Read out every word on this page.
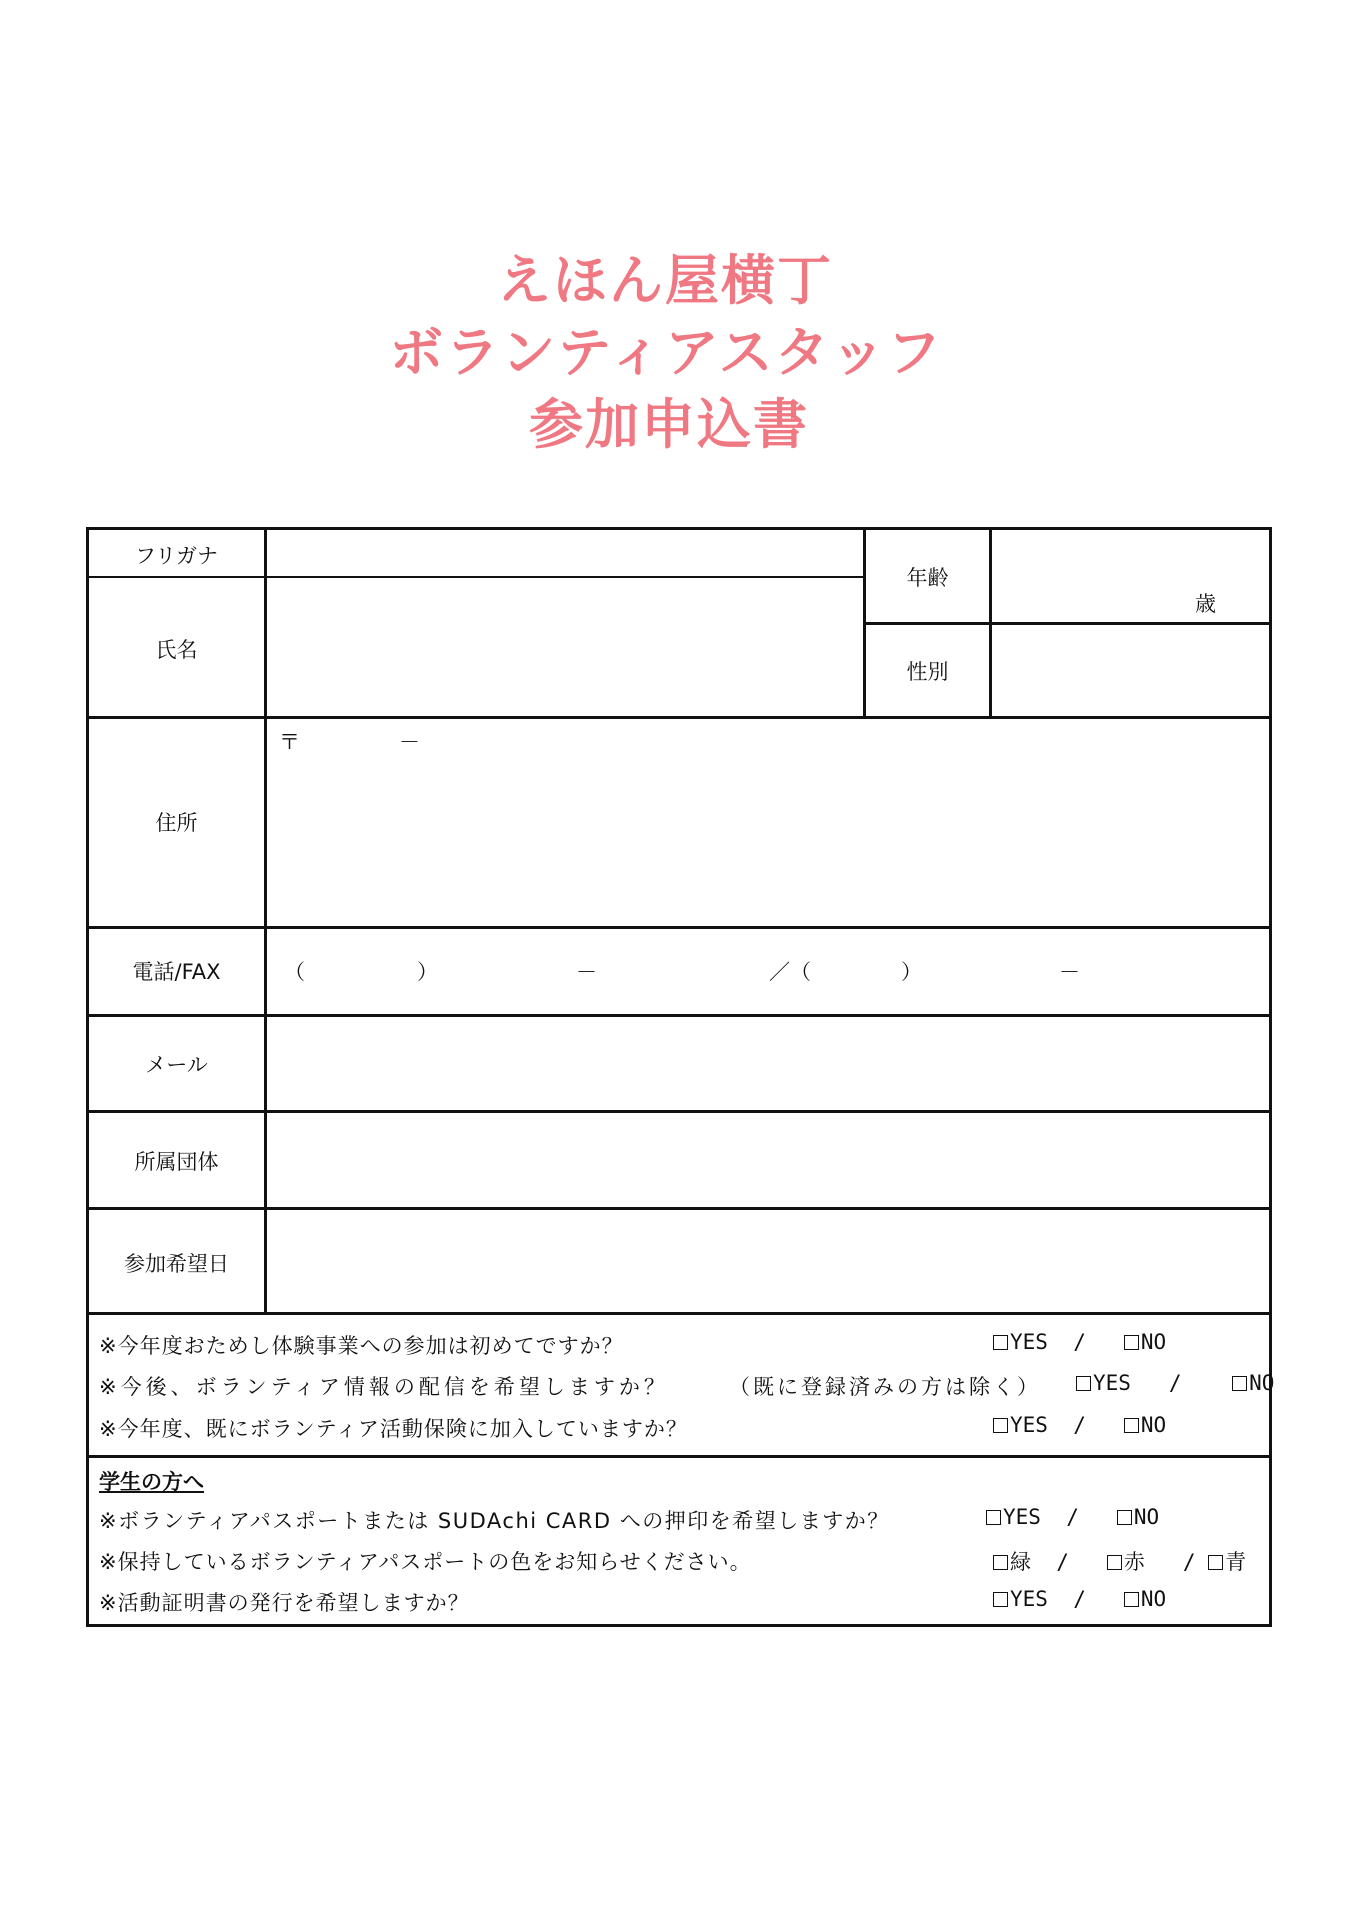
えほん屋横丁
ボランティアスタッフ
参加申込書
フリガナ
氏名
年齢
歳
性別
住所
〒	－
電話/FAX	（	）	－	／（	）	－
メール
所属団体
参加希望日
※今年度おためし体験事業への参加は初めてですか？	YES /	NO
※今後、ボランティア情報の配信を希望しますか？	（既に登録済みの方は除く）	YES /	NO
※今年度、既にボランティア活動保険に加入していますか？	YES /	NO
学生の方へ
※ボランティアパスポートまたは SUDAchi CARD への押印を希望しますか？	YES /	NO
※保持しているボランティアパスポートの色をお知らせください。	緑 /	赤 / 青
※活動証明書の発行を希望しますか？	YES /	NO
